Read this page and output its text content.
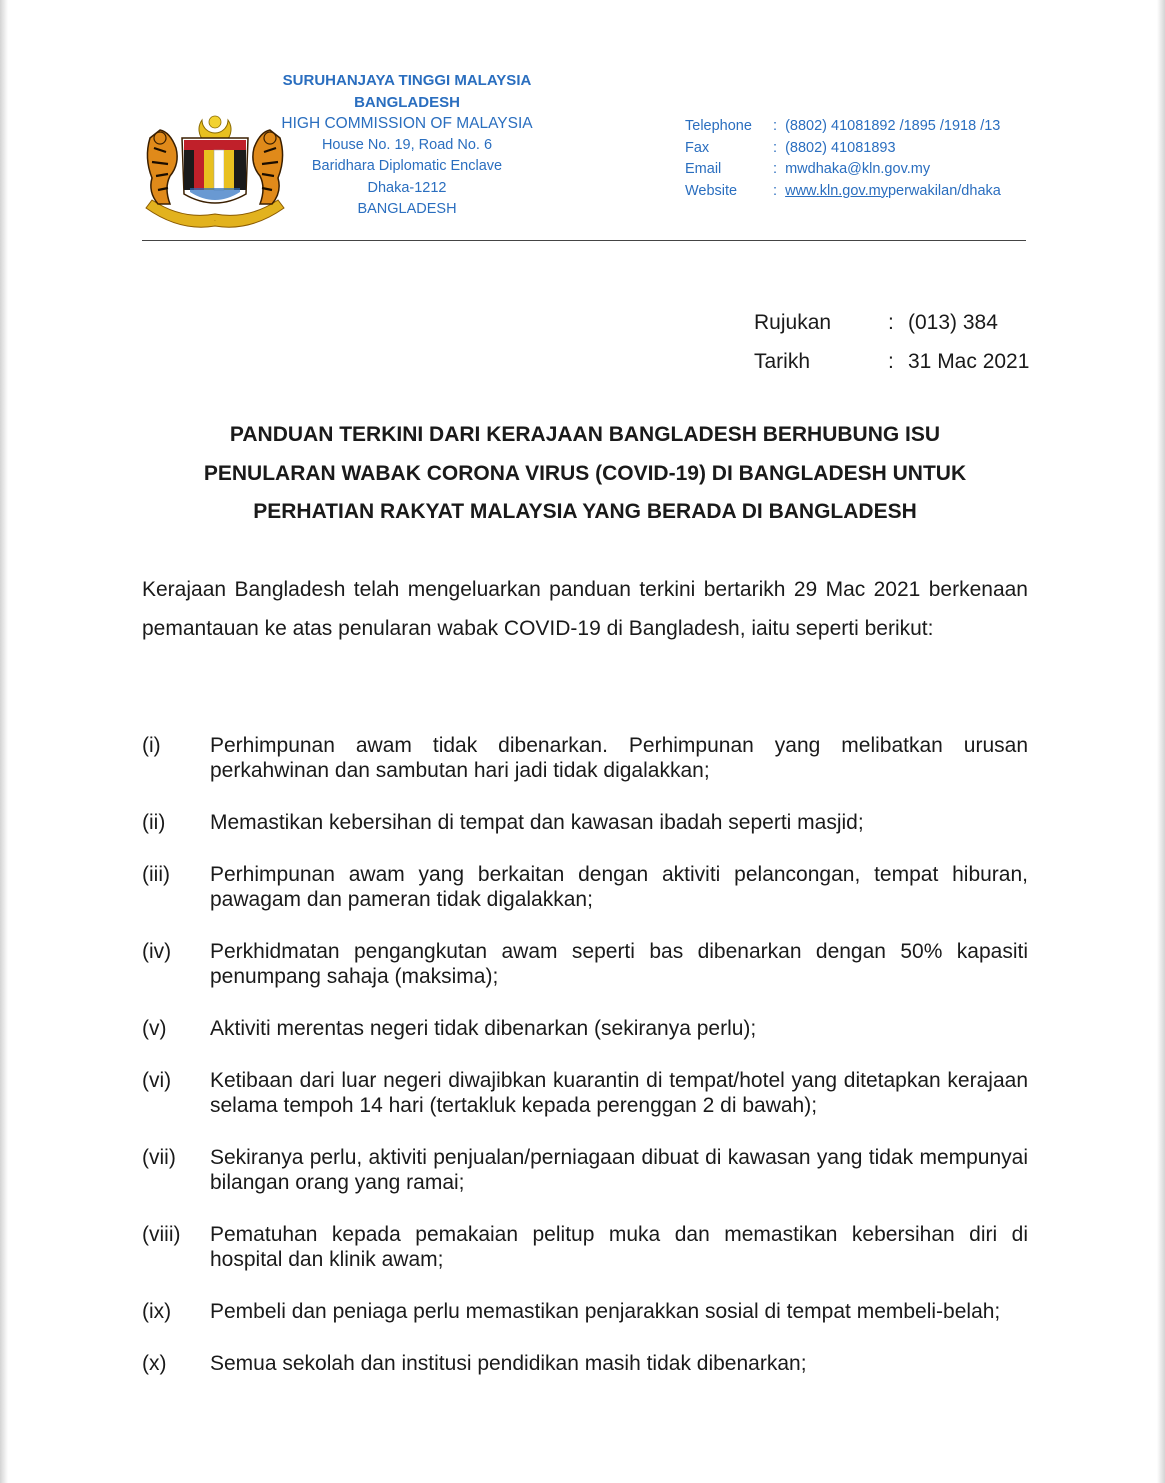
·
SURUHANJAYA TINGGI MALAYSIA
BANGLADESH
HIGH COMMISSION OF MALAYSIA
House No. 19, Road No. 6
Baridhara Diplomatic Enclave
Dhaka-1212
BANGLADESH
Telephone : (8802) 41081892 /1895 /1918 /13
Fax	: (8802) 41081893
Email	: mwdhaka@kln.gov.my
Website : www.kln.gov.myperwakilan/dhaka
Rujukan	: (013) 384
Tarikh	: 31 Mac 2021
PANDUAN TERKINI DARI KERAJAAN BANGLADESH BERHUBUNG ISU
PENULARAN WABAK CORONA VIRUS (COVID-19) DI BANGLADESH UNTUK
PERHATIAN RAKYAT MALAYSIA YANG BERADA DI BANGLADESH
Kerajaan Bangladesh telah mengeluarkan panduan terkini bertarikh 29 Mac 2021 berkenaan pemantauan ke atas penularan wabak COVID-19 di Bangladesh, iaitu seperti berikut:
(i) Perhimpunan awam tidak dibenarkan. Perhimpunan yang melibatkan urusan perkahwinan dan sambutan hari jadi tidak digalakkan;
(ii) Memastikan kebersihan di tempat dan kawasan ibadah seperti masjid;
(iii) Perhimpunan awam yang berkaitan dengan aktiviti pelancongan, tempat hiburan, pawagam dan pameran tidak digalakkan;
(iv) Perkhidmatan pengangkutan awam seperti bas dibenarkan dengan 50% kapasiti penumpang sahaja (maksima);
(v) Aktiviti merentas negeri tidak dibenarkan (sekiranya perlu);
(vi) Ketibaan dari luar negeri diwajibkan kuarantin di tempat/hotel yang ditetapkan kerajaan selama tempoh 14 hari (tertakluk kepada perenggan 2 di bawah);
(vii) Sekiranya perlu, aktiviti penjualan/perniagaan dibuat di kawasan yang tidak mempunyai bilangan orang yang ramai;
(viii) Pematuhan kepada pemakaian pelitup muka dan memastikan kebersihan diri di hospital dan klinik awam;
(ix) Pembeli dan peniaga perlu memastikan penjarakkan sosial di tempat membeli-belah;
(x) Semua sekolah dan institusi pendidikan masih tidak dibenarkan;
